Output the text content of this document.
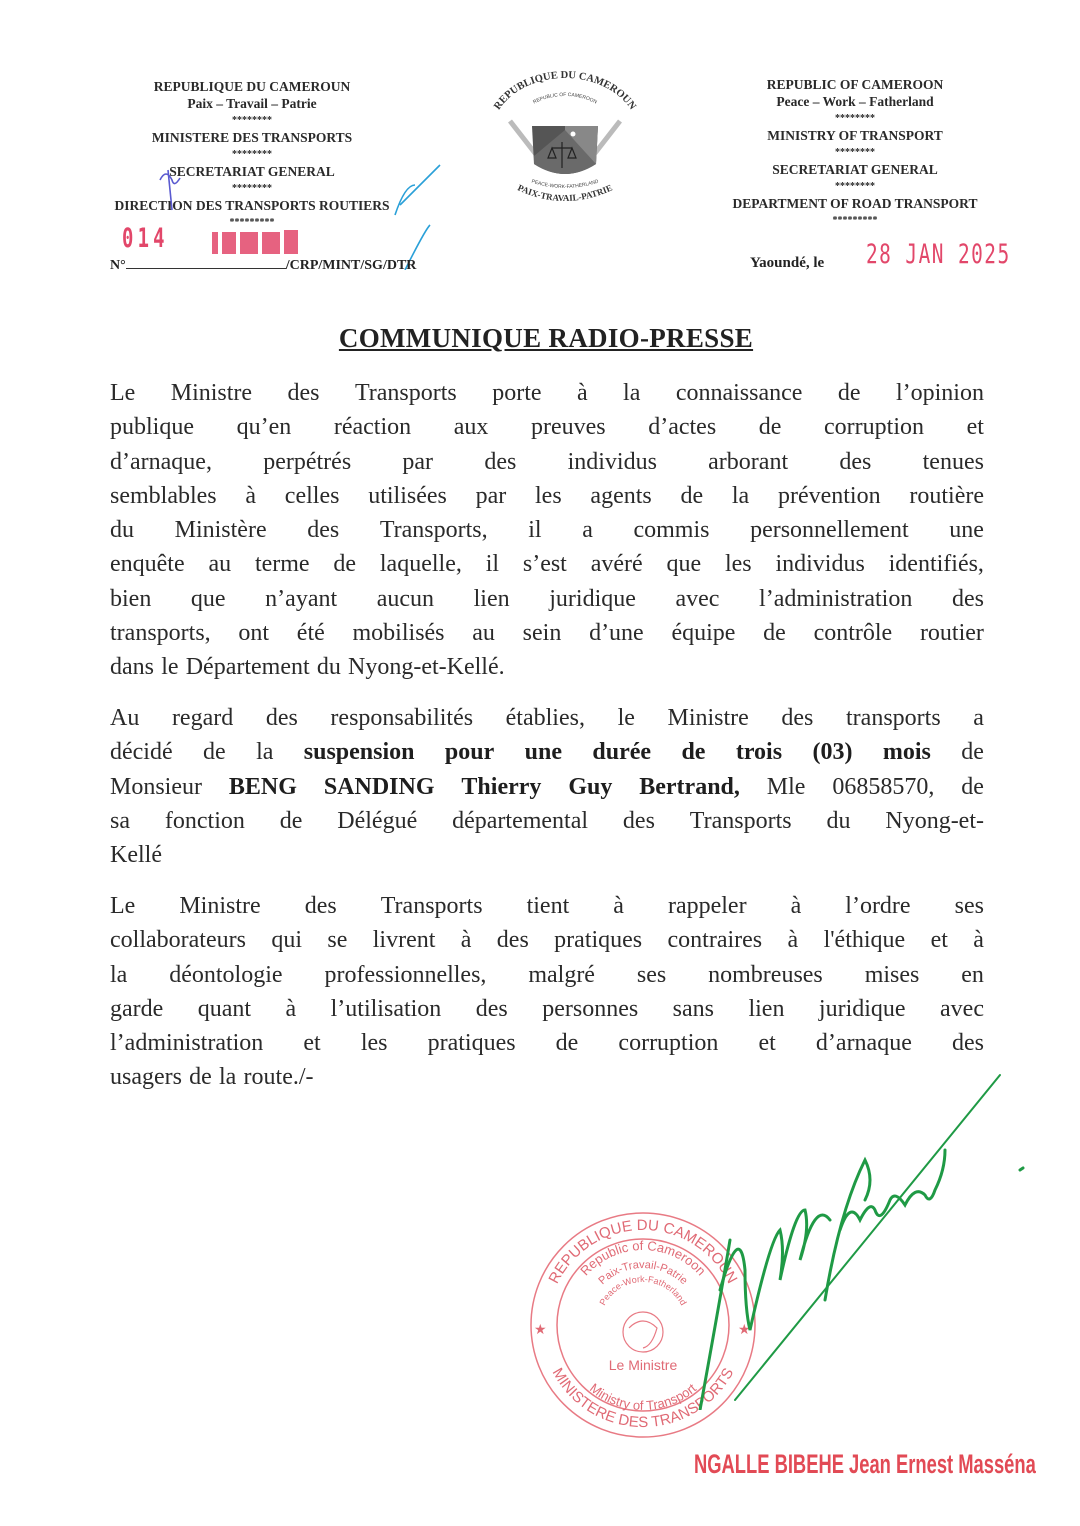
REPUBLIQUE DU CAMEROUN
Paix – Travail – Patrie
********
MINISTERE DES TRANSPORTS
********
SECRETARIAT GENERAL
********
DIRECTION DES TRANSPORTS ROUTIERS
*********
REPUBLIQUE DU CAMEROUN
REPUBLIC OF CAMEROON
PEACE-WORK-FATHERLAND
PAIX-TRAVAIL-PATRIE
REPUBLIC OF CAMEROON
Peace – Work – Fatherland
********
MINISTRY OF TRANSPORT
********
SECRETARIAT GENERAL
********
DEPARTMENT OF ROAD TRANSPORT
*********
014
N°	/CRP/MINT/SG/DTR	Yaoundé, le 28 JAN 2025
COMMUNIQUE RADIO-PRESSE
Le Ministre des Transports porte à la connaissance de l’opinion
publique qu’en réaction aux preuves d’actes de corruption et
d’arnaque, perpétrés par des individus arborant des tenues
semblables à celles utilisées par les agents de la prévention routière
du Ministère des Transports, il a commis personnellement une
enquête au terme de laquelle, il s’est avéré que les individus identifiés,
bien que n’ayant aucun lien juridique avec l’administration des
transports, ont été mobilisés au sein d’une équipe de contrôle routier
dans le Département du Nyong-et-Kellé.
Au regard des responsabilités établies, le Ministre des transports a
décidé de la suspension pour une durée de trois (03) mois de
Monsieur BENG SANDING Thierry Guy Bertrand, Mle 06858570, de
sa fonction de Délégué départemental des Transports du Nyong-et-
Kellé
Le Ministre des Transports tient à rappeler à l’ordre ses
collaborateurs qui se livrent à des pratiques contraires à l'éthique et à
la déontologie professionnelles, malgré ses nombreuses mises en
garde quant à l’utilisation des personnes sans lien juridique avec
l’administration et les pratiques de corruption et d’arnaque des
usagers de la route./-
REPUBLIQUE DU CAMEROUN
Republic of Cameroon
Paix-Travail-Patrie
Peace-Work-Fatherland
MINISTERE DES TRANSPORTS
Ministry of Transport
Le Ministre
★	★
NGALLE BIBEHE Jean Ernest Masséna
